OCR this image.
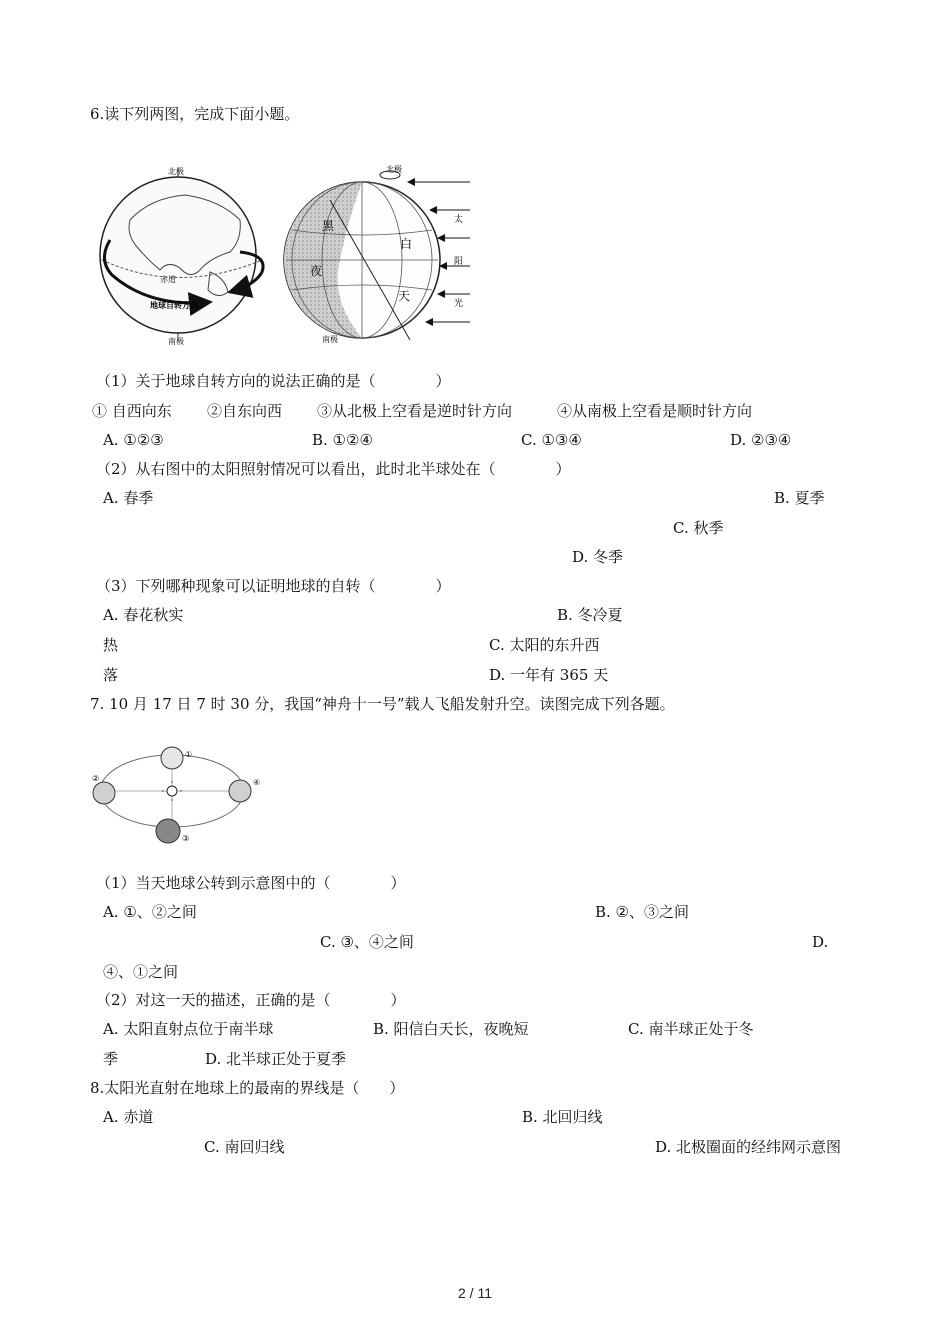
6.读下列两图，完成下面小题。
北极
赤道
地球自转方向
南极
北极
黑
夜
白
天
南极
太
阳
光
（1）关于地球自转方向的说法正确的是（　　　　）
① 自西向东 ②自东向西 ③从北极上空看是逆时针方向	④从南极上空看是顺时针方向
A. ①②③	B. ①②④	C. ①③④	D. ②③④
（2）从右图中的太阳照射情况可以看出，此时北半球处在（　　　　）
A. 春季	B. 夏季
C. 秋季
D. 冬季
（3）下列哪种现象可以证明地球的自转（　　　　）
A. 春花秋实	B. 冬冷夏
热	C. 太阳的东升西
落	D. 一年有 365 天
7. 10 月 17 日 7 时 30 分，我国“神舟十一号”载人飞船发射升空。读图完成下列各题。
①
②
③
④
（1）当天地球公转到示意图中的（　　　　）
A. ①、②之间	B. ②、③之间
C. ③、④之间	D.
④、①之间
（2）对这一天的描述，正确的是（　　　　）
A. 太阳直射点位于南半球	B. 阳信白天长，夜晚短	C. 南半球正处于冬
季	D. 北半球正处于夏季
8.太阳光直射在地球上的最南的界线是（　　）
A. 赤道	B. 北回归线
C. 南回归线	D. 北极圈面的经纬网示意图
2 / 11
